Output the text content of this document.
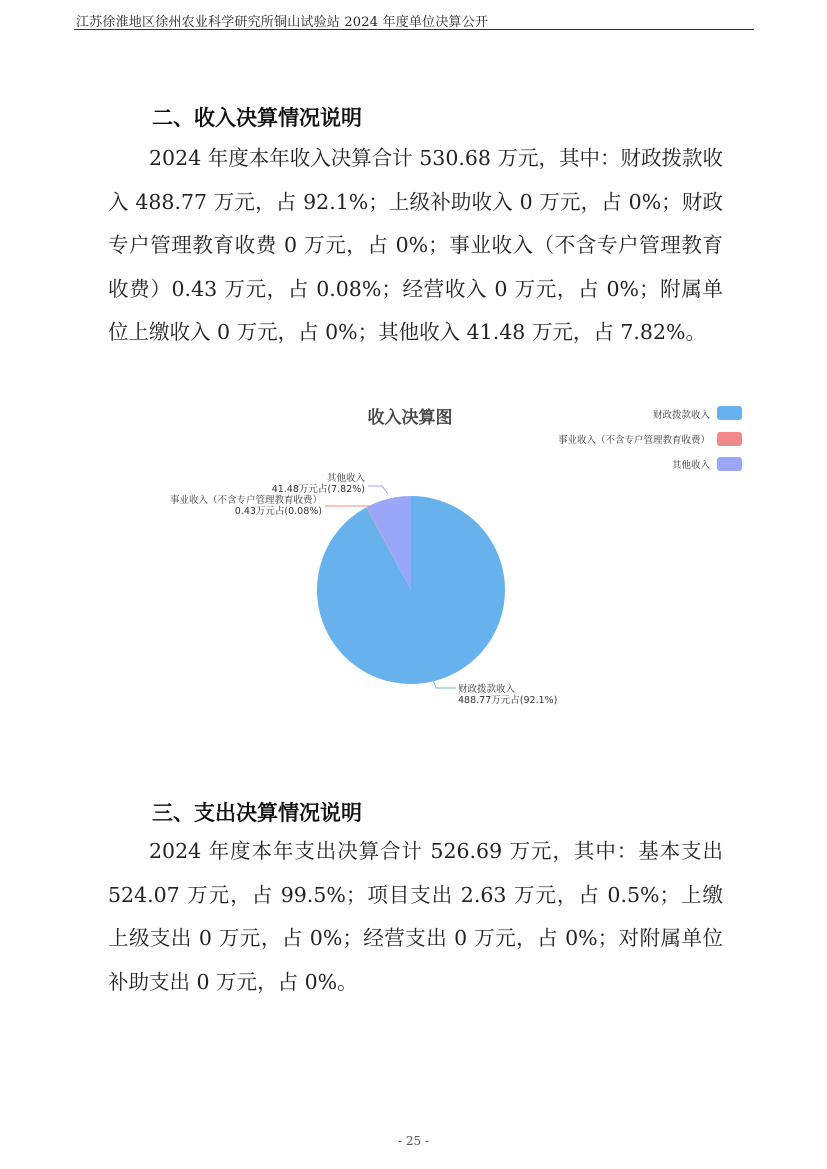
江苏徐淮地区徐州农业科学研究所铜山试验站 2024 年度单位决算公开
二、收入决算情况说明

2024 年度本年收入决算合计 530.68 万元，其中：财政拨款收入 488.77 万元，占 92.1%；上级补助收入 0 万元，占 0%；财政专户管理教育收费 0 万元，占 0%；事业收入（不含专户管理教育收费）0.43 万元，占 0.08%；经营收入 0 万元，占 0%；附属单位上缴收入 0 万元，占 0%；其他收入 41.48 万元，占 7.82%。

收入决算图	财政拨款收入
事业收入（不含专户管理教育收费）
其他收入
财政拨款收入
488.77万元占(92.1%)
事业收入（不含专户管理教育收费）
0.43万元占(0.08%)
其他收入
41.48万元占(7.82%)
三、支出决算情况说明

2024 年度本年支出决算合计 526.69 万元，其中：基本支出 524.07 万元，占 99.5%；项目支出 2.63 万元，占 0.5%；上缴上级支出 0 万元，占 0%；经营支出 0 万元，占 0%；对附属单位补助支出 0 万元，占 0%。

- 25 -
